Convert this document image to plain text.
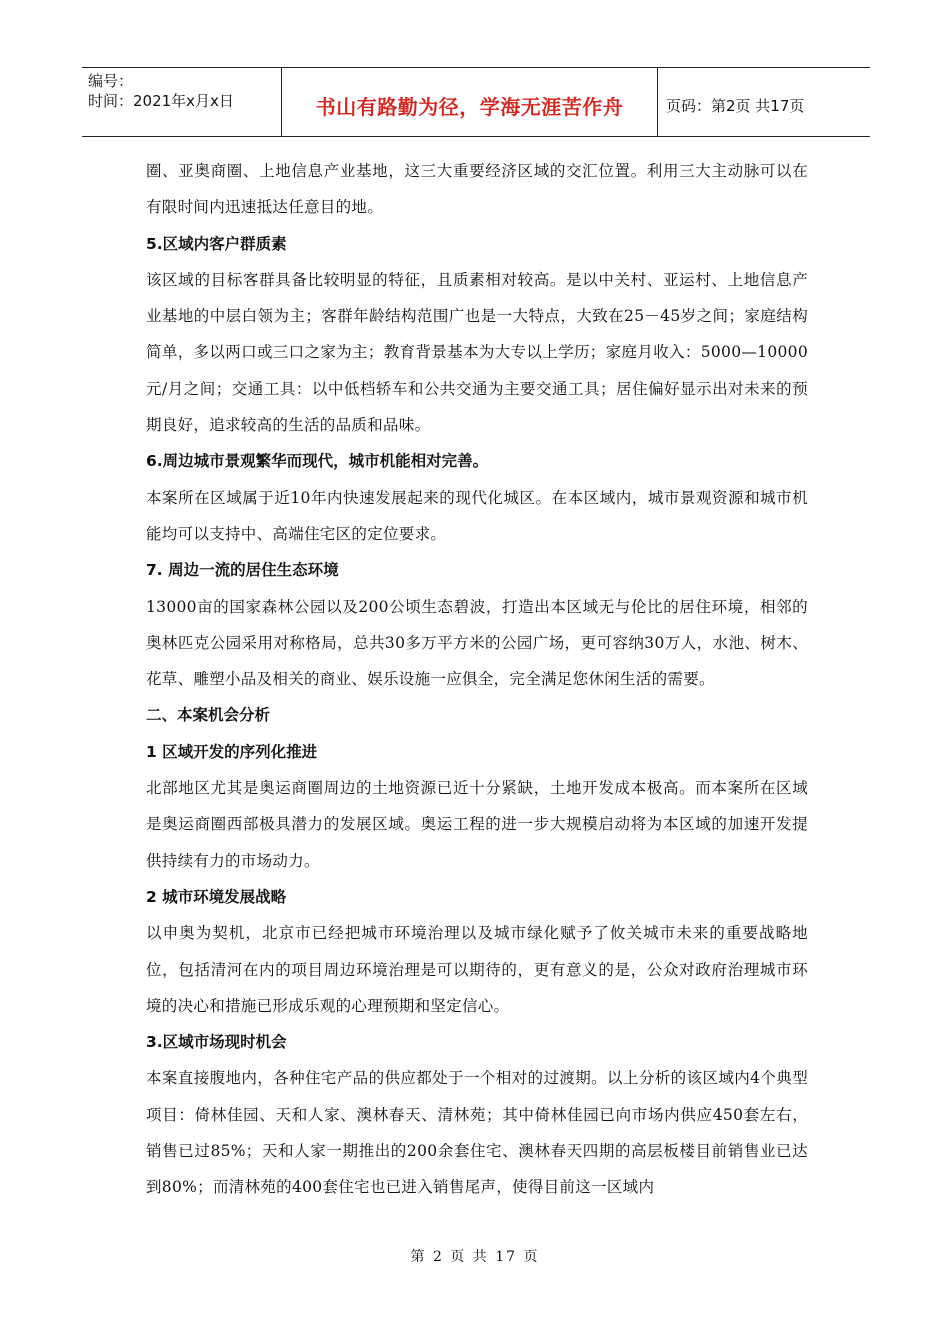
编号：
时间：2021年x月x日	书山有路勤为径，学海无涯苦作舟	页码：第2页 共17页

圈、亚奥商圈、上地信息产业基地，这三大重要经济区域的交汇位置。利用三大主动脉可以在有限时间内迅速抵达任意目的地。

5.区域内客户群质素

该区域的目标客群具备比较明显的特征，且质素相对较高。是以中关村、亚运村、上地信息产业基地的中层白领为主；客群年龄结构范围广也是一大特点，大致在25－45岁之间；家庭结构简单，多以两口或三口之家为主；教育背景基本为大专以上学历；家庭月收入：5000—10000元/月之间；交通工具：以中低档轿车和公共交通为主要交通工具；居住偏好显示出对未来的预期良好，追求较高的生活的品质和品味。

6.周边城市景观繁华而现代，城市机能相对完善。

本案所在区域属于近10年内快速发展起来的现代化城区。在本区域内，城市景观资源和城市机能均可以支持中、高端住宅区的定位要求。

7. 周边一流的居住生态环境

13000亩的国家森林公园以及200公顷生态碧波，打造出本区域无与伦比的居住环境，相邻的奥林匹克公园采用对称格局，总共30多万平方米的公园广场，更可容纳30万人，水池、树木、花草、雕塑小品及相关的商业、娱乐设施一应俱全，完全满足您休闲生活的需要。

二、本案机会分析

1 区域开发的序列化推进

北部地区尤其是奥运商圈周边的土地资源已近十分紧缺，土地开发成本极高。而本案所在区域是奥运商圈西部极具潜力的发展区域。奥运工程的进一步大规模启动将为本区域的加速开发提供持续有力的市场动力。

2 城市环境发展战略

以申奥为契机，北京市已经把城市环境治理以及城市绿化赋予了攸关城市未来的重要战略地位，包括清河在内的项目周边环境治理是可以期待的，更有意义的是，公众对政府治理城市环境的决心和措施已形成乐观的心理预期和坚定信心。

3.区域市场现时机会

本案直接腹地内，各种住宅产品的供应都处于一个相对的过渡期。以上分析的该区域内4个典型项目：倚林佳园、天和人家、澳林春天、清林苑；其中倚林佳园已向市场内供应450套左右，销售已过85%；天和人家一期推出的200余套住宅、澳林春天四期的高层板楼目前销售业已达到80%；而清林苑的400套住宅也已进入销售尾声，使得目前这一区域内

第 2 页 共 17 页
